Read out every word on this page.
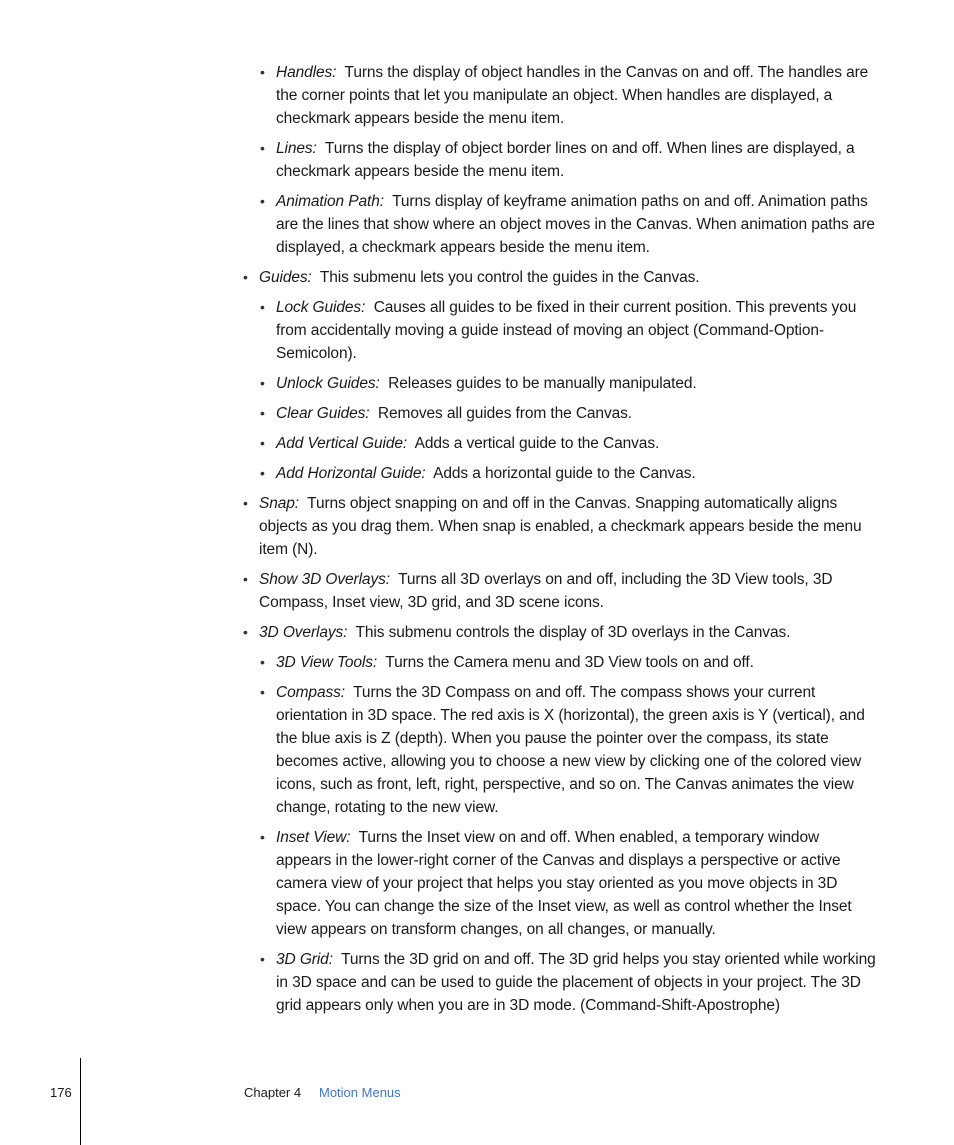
• Handles: Turns the display of object handles in the Canvas on and off. The handles are the corner points that let you manipulate an object. When handles are displayed, a checkmark appears beside the menu item.
• Lines: Turns the display of object border lines on and off. When lines are displayed, a checkmark appears beside the menu item.
• Animation Path: Turns display of keyframe animation paths on and off. Animation paths are the lines that show where an object moves in the Canvas. When animation paths are displayed, a checkmark appears beside the menu item.
• Guides: This submenu lets you control the guides in the Canvas.
• Lock Guides: Causes all guides to be fixed in their current position. This prevents you from accidentally moving a guide instead of moving an object (Command-Option-Semicolon).
• Unlock Guides: Releases guides to be manually manipulated.
• Clear Guides: Removes all guides from the Canvas.
• Add Vertical Guide: Adds a vertical guide to the Canvas.
• Add Horizontal Guide: Adds a horizontal guide to the Canvas.
• Snap: Turns object snapping on and off in the Canvas. Snapping automatically aligns objects as you drag them. When snap is enabled, a checkmark appears beside the menu item (N).
• Show 3D Overlays: Turns all 3D overlays on and off, including the 3D View tools, 3D Compass, Inset view, 3D grid, and 3D scene icons.
• 3D Overlays: This submenu controls the display of 3D overlays in the Canvas.
• 3D View Tools: Turns the Camera menu and 3D View tools on and off.
• Compass: Turns the 3D Compass on and off. The compass shows your current orientation in 3D space. The red axis is X (horizontal), the green axis is Y (vertical), and the blue axis is Z (depth). When you pause the pointer over the compass, its state becomes active, allowing you to choose a new view by clicking one of the colored view icons, such as front, left, right, perspective, and so on. The Canvas animates the view change, rotating to the new view.
• Inset View: Turns the Inset view on and off. When enabled, a temporary window appears in the lower-right corner of the Canvas and displays a perspective or active camera view of your project that helps you stay oriented as you move objects in 3D space. You can change the size of the Inset view, as well as control whether the Inset view appears on transform changes, on all changes, or manually.
• 3D Grid: Turns the 3D grid on and off. The 3D grid helps you stay oriented while working in 3D space and can be used to guide the placement of objects in your project. The 3D grid appears only when you are in 3D mode. (Command-Shift-Apostrophe)
176	Chapter 4 Motion Menus
